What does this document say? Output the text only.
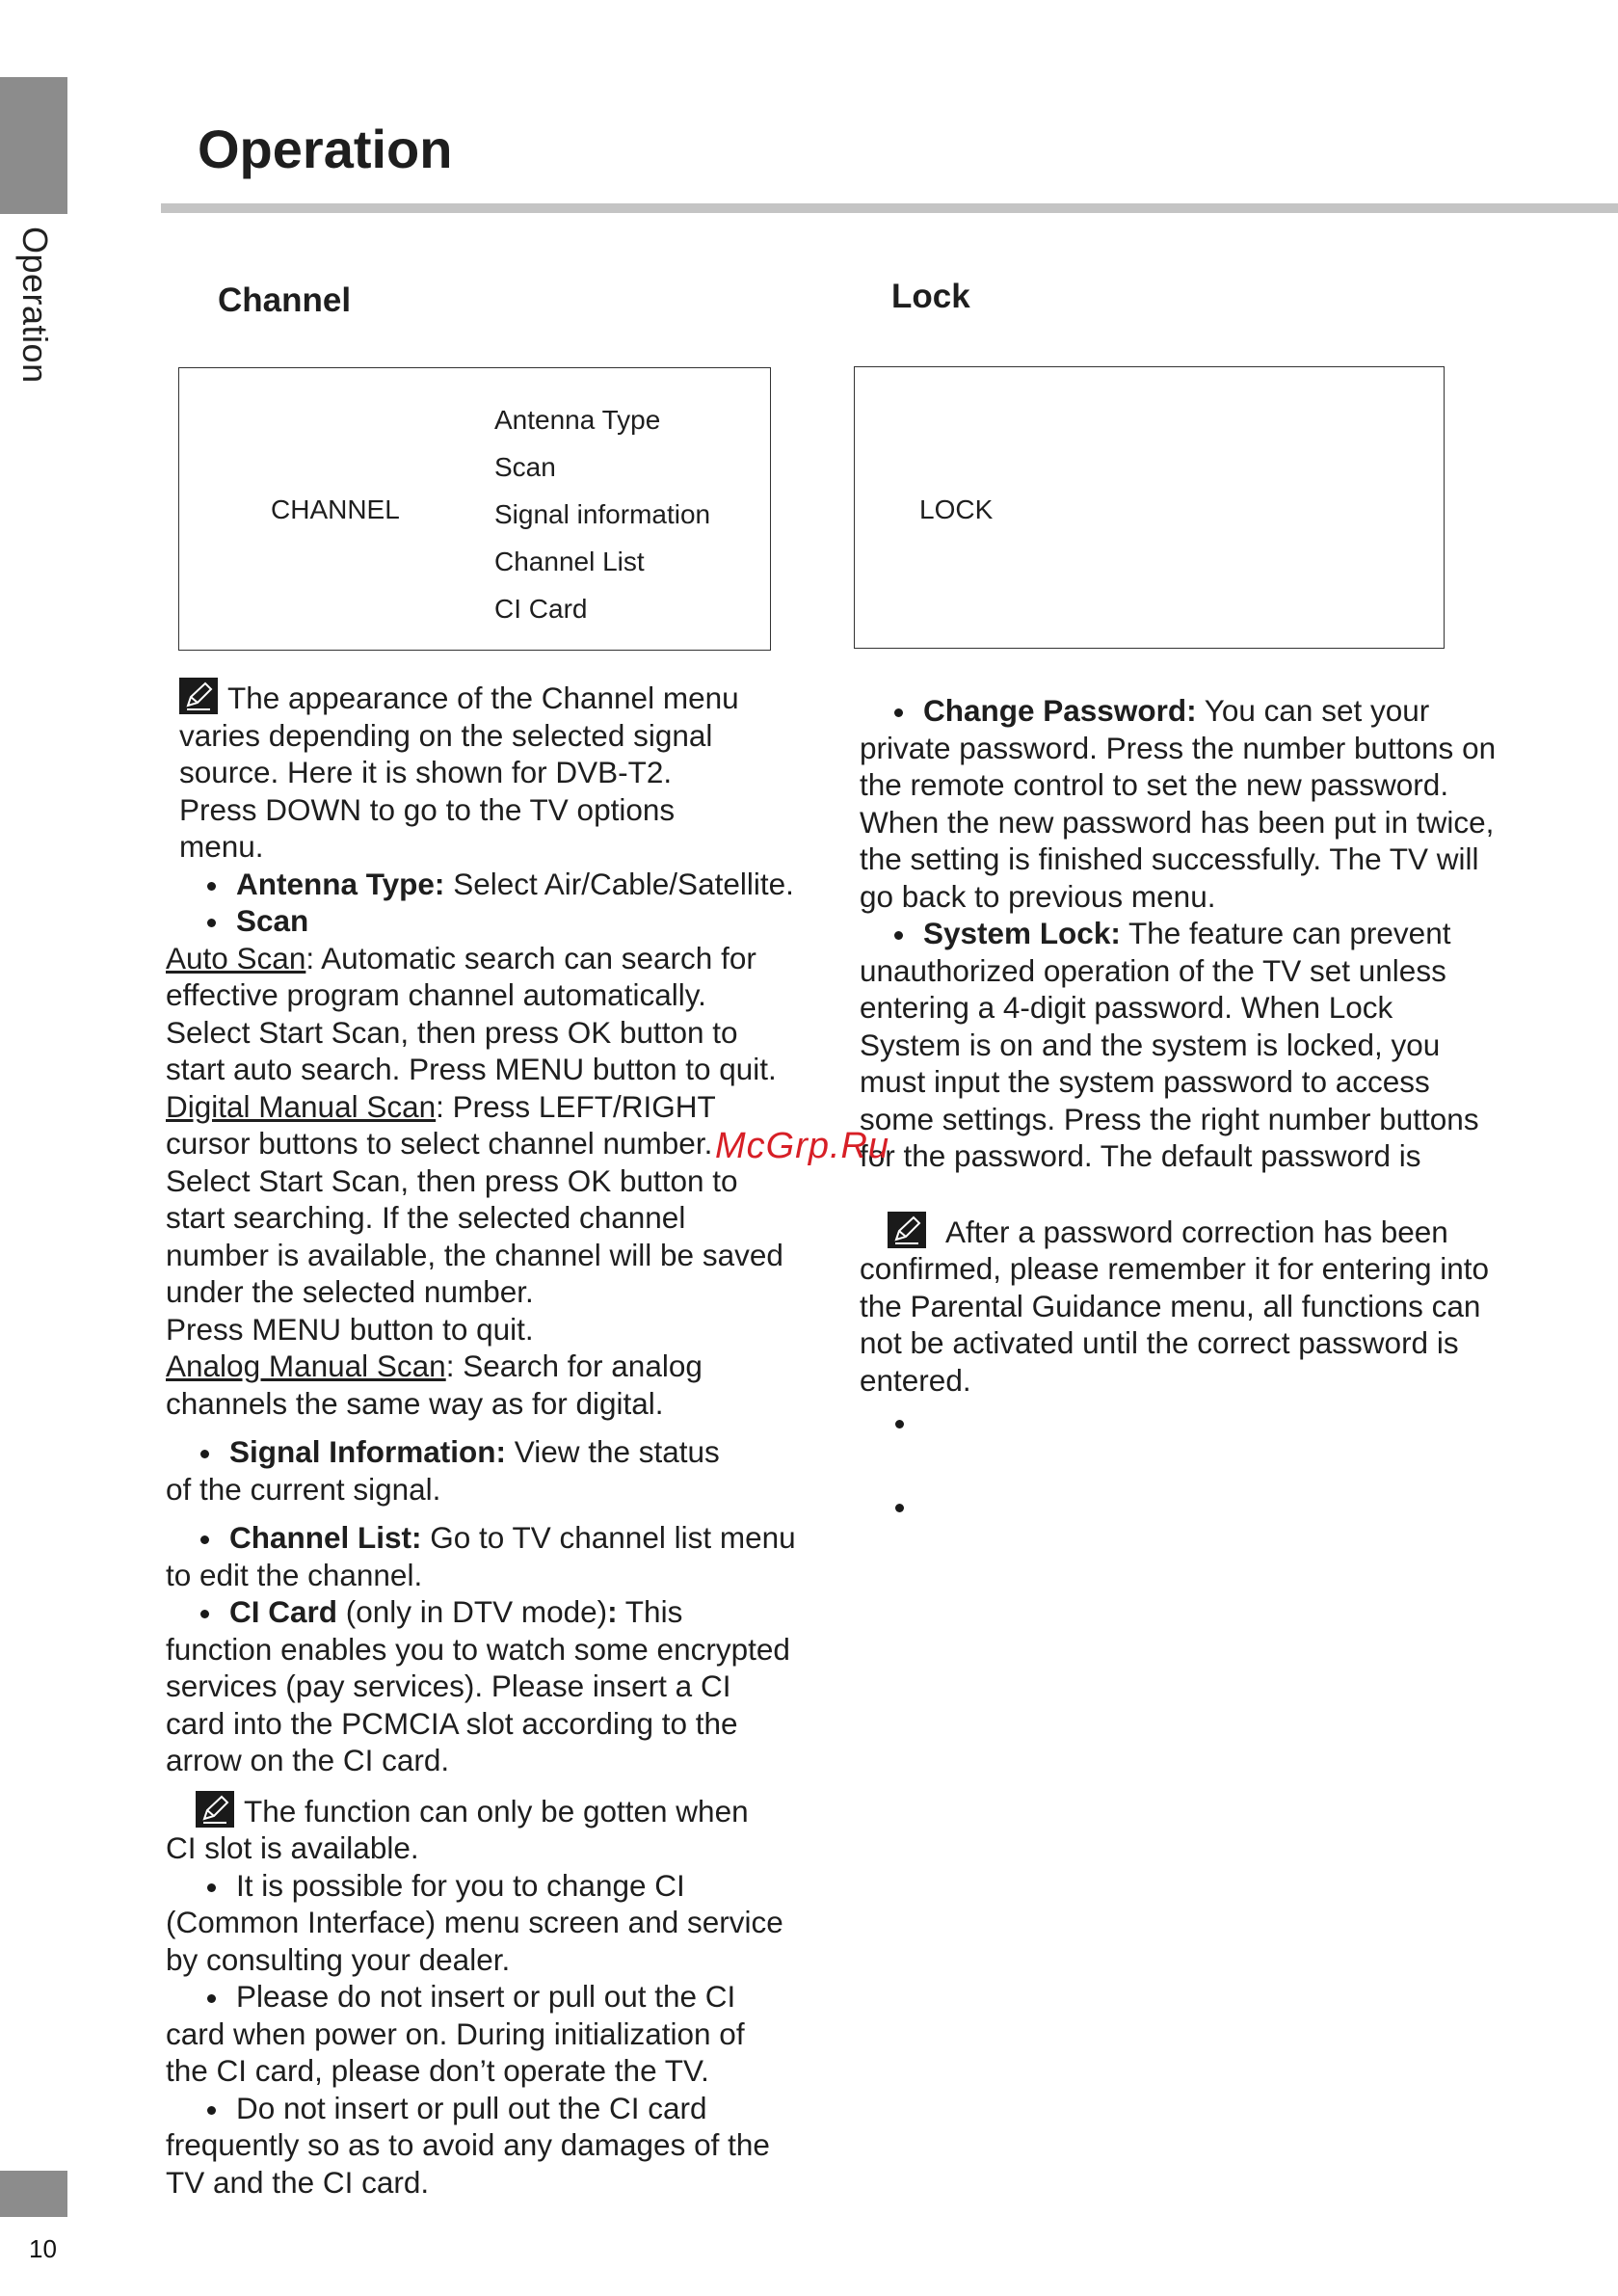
Operation
10
Operation
Channel
CHANNEL
Antenna Type
Scan
Signal information
Channel List
CI Card
Lock
LOCK

The appearance of the Channel menu

varies depending on the selected signal

source. Here it is shown for DVB-T2.

Press DOWN to go to the TV options

menu.

Antenna Type: Select Air/Cable/Satellite.

Scan

Auto Scan: Automatic search can search for

effective program channel automatically.

Select Start Scan, then press OK button to

start auto search. Press MENU button to quit.

Digital Manual Scan: Press LEFT/RIGHT

cursor buttons to select channel number.

Select Start Scan, then press OK button to

start searching. If the selected channel

number is available, the channel will be saved

under the selected number.

Press MENU button to quit.

Analog Manual Scan: Search for analog

channels the same way as for digital.

Signal Information: View the status

of the current signal.

Channel List: Go to TV channel list menu

to edit the channel.

CI Card (only in DTV mode): This

function enables you to watch some encrypted

services (pay services). Please insert a CI

card into the PCMCIA slot according to the

arrow on the CI card.

The function can only be gotten when

CI slot is available.

It is possible for you to change CI

(Common Interface) menu screen and service

by consulting your dealer.

Please do not insert or pull out the CI

card when power on. During initialization of

the CI card, please don’t operate the TV.

Do not insert or pull out the CI card

frequently so as to avoid any damages of the

TV and the CI card.

Change Password: You can set your

private password. Press the number buttons on

the remote control to set the new password.

When the new password has been put in twice,

the setting is finished successfully. The TV will

go back to previous menu.

System Lock: The feature can prevent

unauthorized operation of the TV set unless

entering a 4-digit password. When Lock

System is on and the system is locked, you

must input the system password to access

some settings. Press the right number buttons

for the password. The default password is

After a password correction has been

confirmed, please remember it for entering into

the Parental Guidance menu, all functions can

not be activated until the correct password is

entered.

McGrp.Ru
